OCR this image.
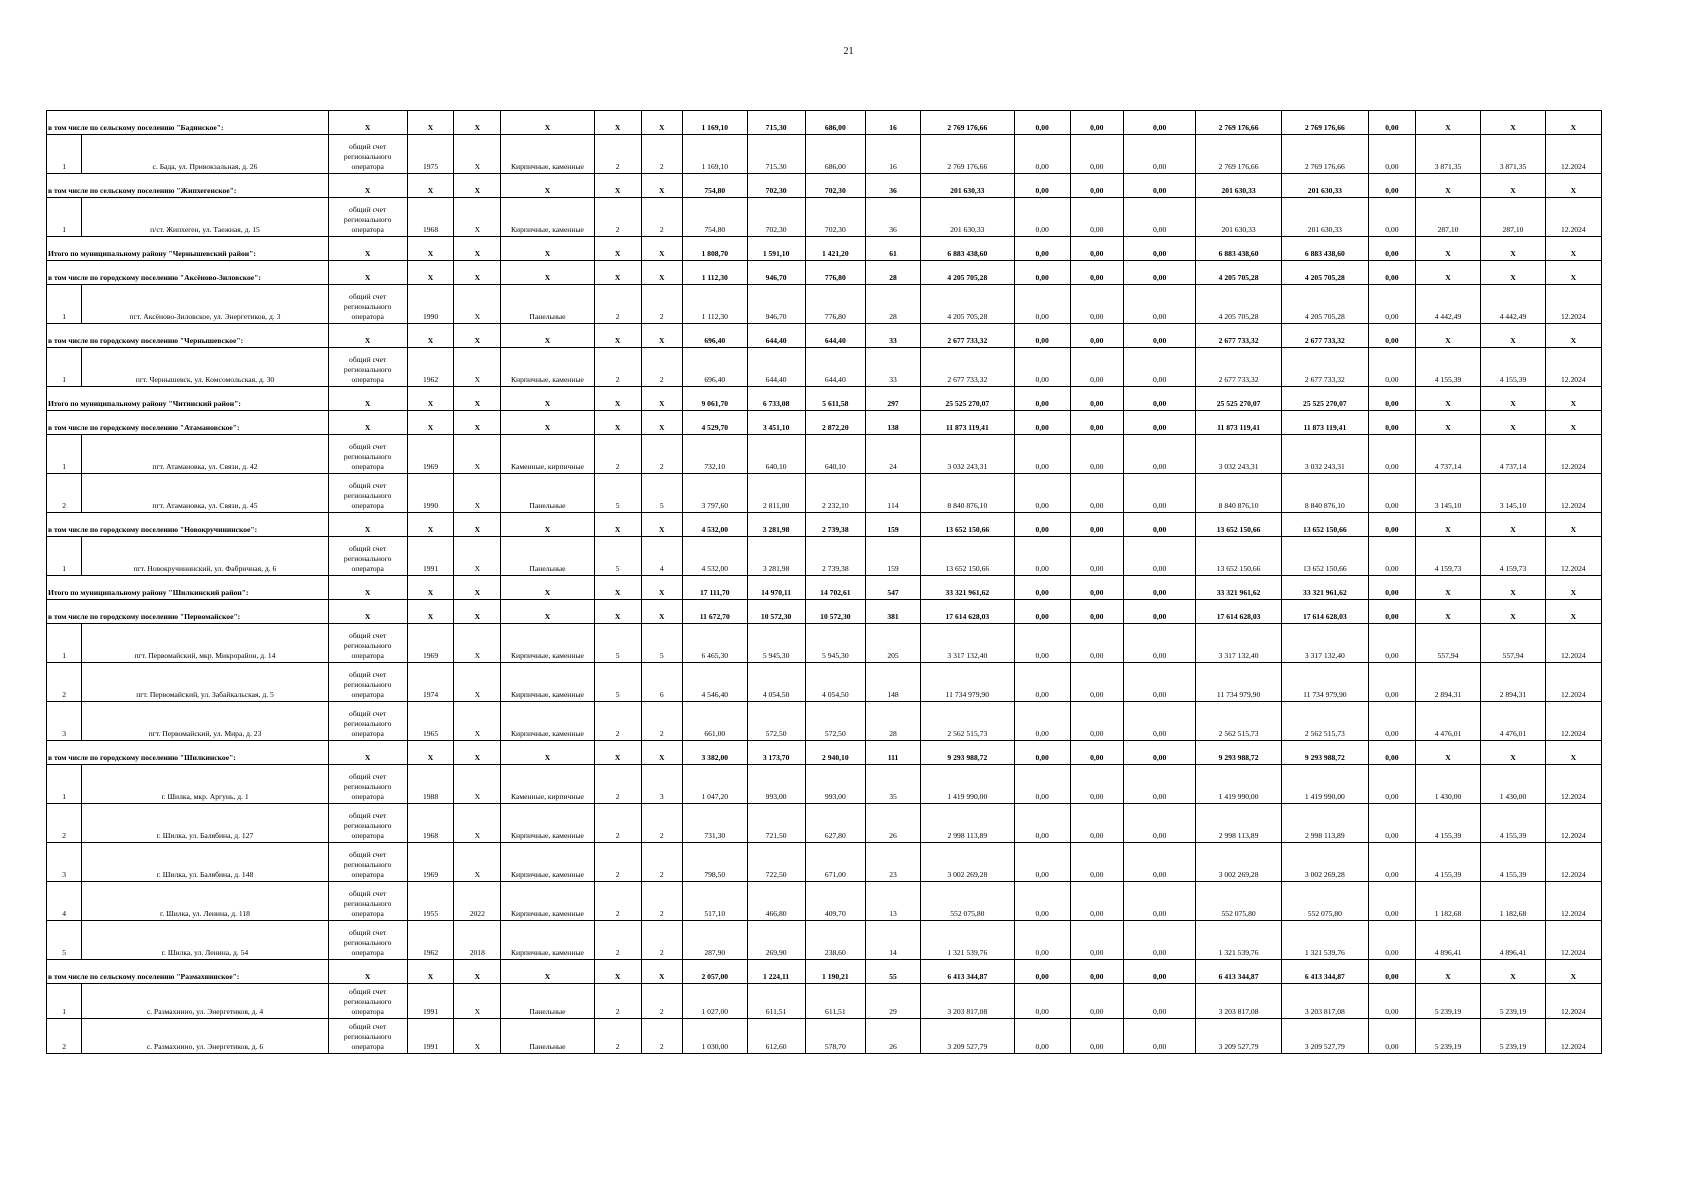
21
в том числе по сельскому поселению "Бадинское":		X	X	X	X	X	X	1 169,10	715,30	686,00	16	2 769 176,66	0,00	0,00	0,00	2 769 176,66	2 769 176,66	0,00	X	X	X
1	с. Бада, ул. Привокзальная, д. 26	общий счет регионального оператора	1975	X	Кирпичные, каменные	2	2	1 169,10	715,30	686,00	16	2 769 176,66	0,00	0,00	0,00	2 769 176,66	2 769 176,66	0,00	3 871,35	3 871,35	12.2024
в том числе по сельскому поселению "Жипхегенское":		X	X	X	X	X	X	754,80	702,30	702,30	36	201 630,33	0,00	0,00	0,00	201 630,33	201 630,33	0,00	X	X	X
1	п/ст. Жипхеген, ул. Таежная, д. 15	общий счет регионального оператора	1968	X	Кирпичные, каменные	2	2	754,80	702,30	702,30	36	201 630,33	0,00	0,00	0,00	201 630,33	201 630,33	0,00	287,10	287,10	12.2024
Итого по муниципальному району "Чернышевский район":		X	X	X	X	X	X	1 808,70	1 591,10	1 421,20	61	6 883 438,60	0,00	0,00	0,00	6 883 438,60	6 883 438,60	0,00	X	X	X
в том числе по городскому поселению "Аксёново-Зиловское":		X	X	X	X	X	X	1 112,30	946,70	776,80	28	4 205 705,28	0,00	0,00	0,00	4 205 705,28	4 205 705,28	0,00	X	X	X
1	пгт. Аксёново-Зиловское, ул. Энергетиков, д. 3	общий счет регионального оператора	1990	X	Панельные	2	2	1 112,30	946,70	776,80	28	4 205 705,28	0,00	0,00	0,00	4 205 705,28	4 205 705,28	0,00	4 442,49	4 442,49	12.2024
в том числе по городскому поселению "Чернышевское":		X	X	X	X	X	X	696,40	644,40	644,40	33	2 677 733,32	0,00	0,00	0,00	2 677 733,32	2 677 733,32	0,00	X	X	X
1	пгт. Чернышевск, ул. Комсомольская, д. 30	общий счет регионального оператора	1962	X	Кирпичные, каменные	2	2	696,40	644,40	644,40	33	2 677 733,32	0,00	0,00	0,00	2 677 733,32	2 677 733,32	0,00	4 155,39	4 155,39	12.2024
Итого по муниципальному району "Читинский район":		X	X	X	X	X	X	9 061,70	6 733,08	5 611,58	297	25 525 270,07	0,00	0,00	0,00	25 525 270,07	25 525 270,07	0,00	X	X	X
в том числе по городскому поселению "Атамановское":		X	X	X	X	X	X	4 529,70	3 451,10	2 872,20	138	11 873 119,41	0,00	0,00	0,00	11 873 119,41	11 873 119,41	0,00	X	X	X
1	пгт. Атамановка, ул. Связи, д. 42	общий счет регионального оператора	1969	X	Каменные, кирпичные	2	2	732,10	640,10	640,10	24	3 032 243,31	0,00	0,00	0,00	3 032 243,31	3 032 243,31	0,00	4 737,14	4 737,14	12.2024
2	пгт. Атамановка, ул. Связи, д. 45	общий счет регионального оператора	1990	X	Панельные	5	5	3 797,60	2 811,00	2 232,10	114	8 840 876,10	0,00	0,00	0,00	8 840 876,10	8 840 876,10	0,00	3 145,10	3 145,10	12.2024
в том числе по городскому поселению "Новокручининское":		X	X	X	X	X	X	4 532,00	3 281,98	2 739,38	159	13 652 150,66	0,00	0,00	0,00	13 652 150,66	13 652 150,66	0,00	X	X	X
1	пгт. Новокручининский, ул. Фабричная, д. 6	общий счет регионального оператора	1991	X	Панельные	5	4	4 532,00	3 281,98	2 739,38	159	13 652 150,66	0,00	0,00	0,00	13 652 150,66	13 652 150,66	0,00	4 159,73	4 159,73	12.2024
Итого по муниципальному району "Шилкинский район":		X	X	X	X	X	X	17 111,70	14 970,11	14 702,61	547	33 321 961,62	0,00	0,00	0,00	33 321 961,62	33 321 961,62	0,00	X	X	X
в том числе по городскому поселению "Первомайское":		X	X	X	X	X	X	11 672,70	10 572,30	10 572,30	381	17 614 628,03	0,00	0,00	0,00	17 614 628,03	17 614 628,03	0,00	X	X	X
1	пгт. Первомайский, мкр. Микрорайон, д. 14	общий счет регионального оператора	1969	X	Кирпичные, каменные	5	5	6 465,30	5 945,30	5 945,30	205	3 317 132,40	0,00	0,00	0,00	3 317 132,40	3 317 132,40	0,00	557,94	557,94	12.2024
2	пгт. Первомайский, ул. Забайкальская, д. 5	общий счет регионального оператора	1974	X	Кирпичные, каменные	5	6	4 546,40	4 054,50	4 054,50	148	11 734 979,90	0,00	0,00	0,00	11 734 979,90	11 734 979,90	0,00	2 894,31	2 894,31	12.2024
3	пгт. Первомайский, ул. Мира, д. 23	общий счет регионального оператора	1965	X	Кирпичные, каменные	2	2	661,00	572,50	572,50	28	2 562 515,73	0,00	0,00	0,00	2 562 515,73	2 562 515,73	0,00	4 476,01	4 476,01	12.2024
в том числе по городскому поселению "Шилкинское":		X	X	X	X	X	X	3 382,00	3 173,70	2 940,10	111	9 293 988,72	0,00	0,00	0,00	9 293 988,72	9 293 988,72	0,00	X	X	X
1	г. Шилка, мкр. Аргунь, д. 1	общий счет регионального оператора	1988	X	Каменные, кирпичные	2	3	1 047,20	993,00	993,00	35	1 419 990,00	0,00	0,00	0,00	1 419 990,00	1 419 990,00	0,00	1 430,00	1 430,00	12.2024
2	г. Шилка, ул. Балябина, д. 127	общий счет регионального оператора	1968	X	Кирпичные, каменные	2	2	731,30	721,50	627,80	26	2 998 113,89	0,00	0,00	0,00	2 998 113,89	2 998 113,89	0,00	4 155,39	4 155,39	12.2024
3	г. Шилка, ул. Балябина, д. 148	общий счет регионального оператора	1969	X	Кирпичные, каменные	2	2	798,50	722,50	671,00	23	3 002 269,28	0,00	0,00	0,00	3 002 269,28	3 002 269,28	0,00	4 155,39	4 155,39	12.2024
4	г. Шилка, ул. Ленина, д. 118	общий счет регионального оператора	1955	2022	Кирпичные, каменные	2	2	517,10	466,80	409,70	13	552 075,80	0,00	0,00	0,00	552 075,80	552 075,80	0,00	1 182,68	1 182,68	12.2024
5	г. Шилка, ул. Ленина, д. 54	общий счет регионального оператора	1962	2018	Кирпичные, каменные	2	2	287,90	269,90	238,60	14	1 321 539,76	0,00	0,00	0,00	1 321 539,76	1 321 539,76	0,00	4 896,41	4 896,41	12.2024
в том числе по сельскому поселению "Размахнинское":		X	X	X	X	X	X	2 057,00	1 224,11	1 190,21	55	6 413 344,87	0,00	0,00	0,00	6 413 344,87	6 413 344,87	0,00	X	X	X
1	с. Размахнино, ул. Энергетиков, д. 4	общий счет регионального оператора	1991	X	Панельные	2	2	1 027,00	611,51	611,51	29	3 203 817,08	0,00	0,00	0,00	3 203 817,08	3 203 817,08	0,00	5 239,19	5 239,19	12.2024
2	с. Размахнино, ул. Энергетиков, д. 6	общий счет регионального оператора	1991	X	Панельные	2	2	1 030,00	612,60	578,70	26	3 209 527,79	0,00	0,00	0,00	3 209 527,79	3 209 527,79	0,00	5 239,19	5 239,19	12.2024
